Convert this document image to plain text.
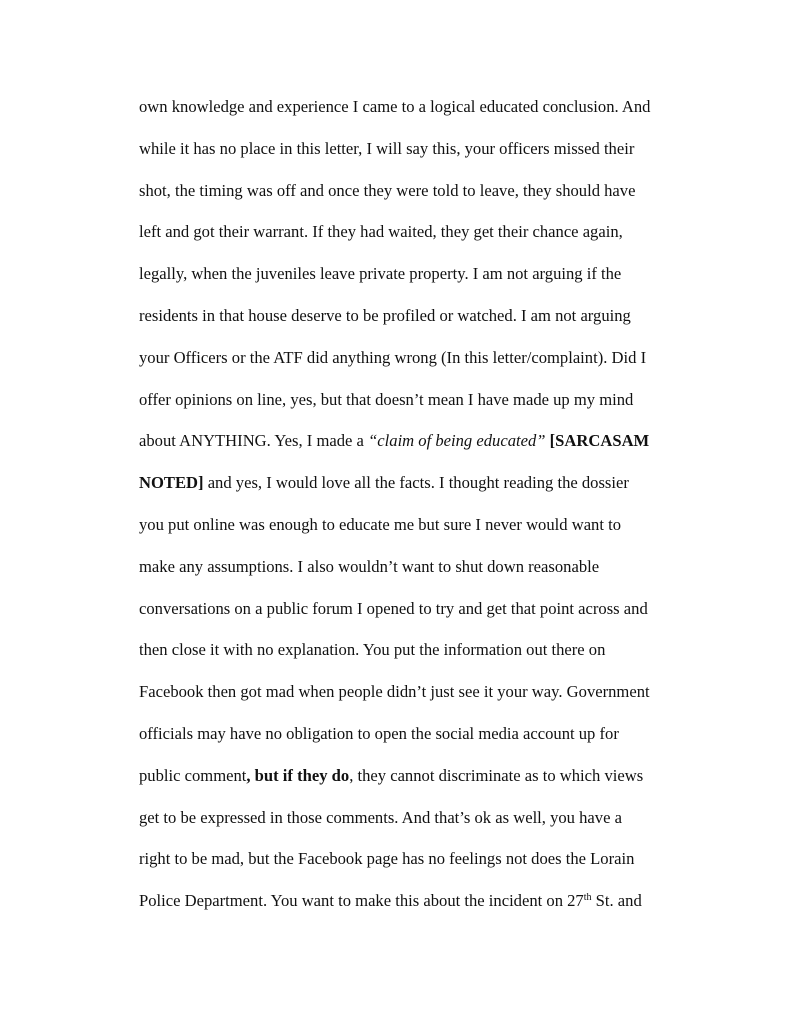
own knowledge and experience I came to a logical educated conclusion. And
while it has no place in this letter, I will say this, your officers missed their
shot, the timing was off and once they were told to leave, they should have
left and got their warrant. If they had waited, they get their chance again,
legally, when the juveniles leave private property. I am not arguing if the
residents in that house deserve to be profiled or watched. I am not arguing
your Officers or the ATF did anything wrong (In this letter/complaint). Did I
offer opinions on line, yes, but that doesn’t mean I have made up my mind
about ANYTHING. Yes, I made a “claim of being educated” [SARCASAM
NOTED] and yes, I would love all the facts. I thought reading the dossier
you put online was enough to educate me but sure I never would want to
make any assumptions. I also wouldn’t want to shut down reasonable
conversations on a public forum I opened to try and get that point across and
then close it with no explanation. You put the information out there on
Facebook then got mad when people didn’t just see it your way. Government
officials may have no obligation to open the social media account up for
public comment, but if they do, they cannot discriminate as to which views
get to be expressed in those comments. And that’s ok as well, you have a
right to be mad, but the Facebook page has no feelings not does the Lorain
Police Department. You want to make this about the incident on 27th St. and
